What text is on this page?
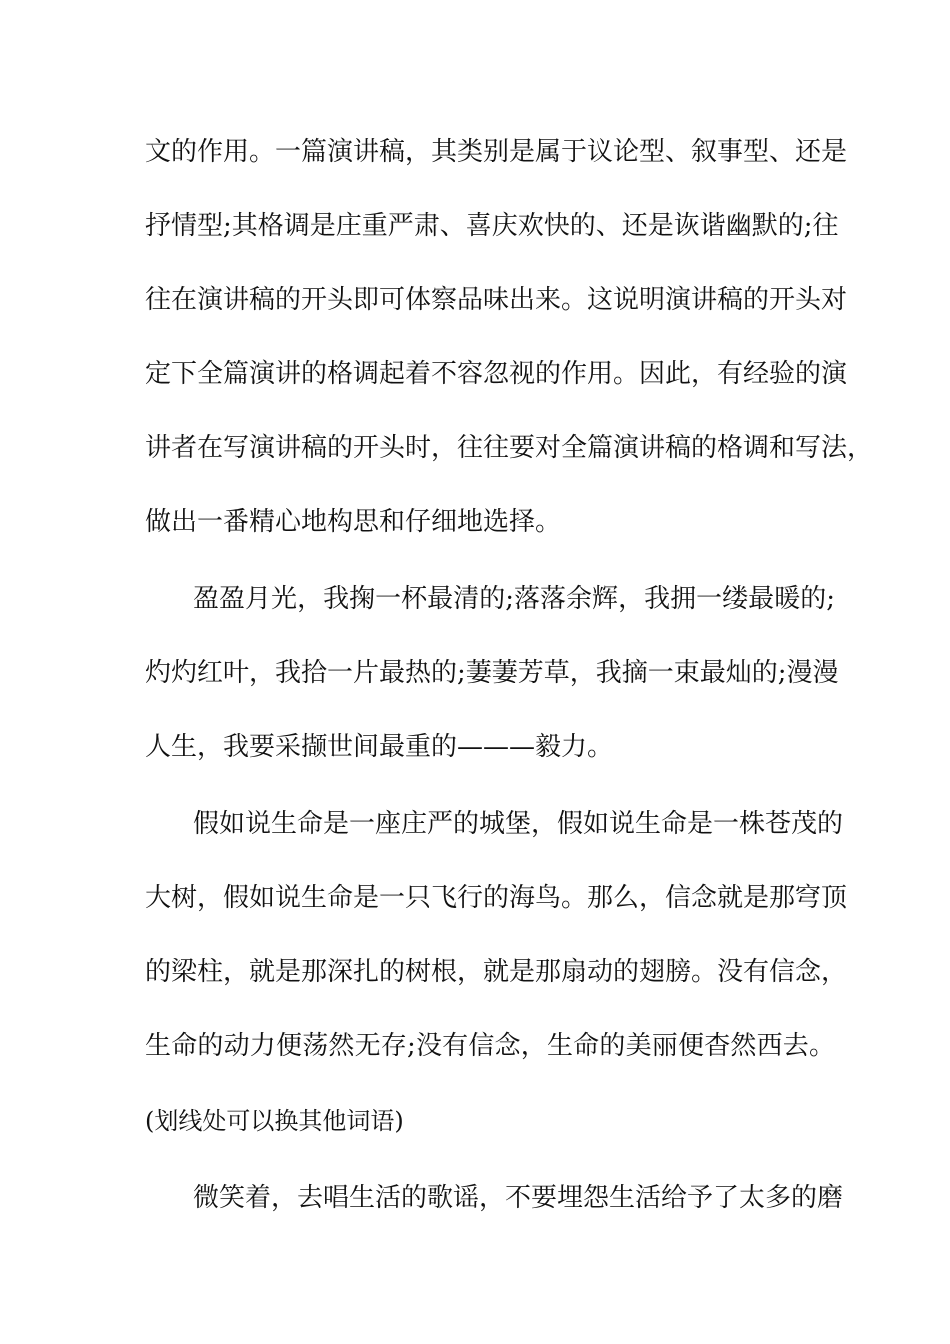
文的作用。一篇演讲稿，其类别是属于议论型、叙事型、还是

抒情型;其格调是庄重严肃、喜庆欢快的、还是诙谐幽默的;往

往在演讲稿的开头即可体察品味出来。这说明演讲稿的开头对

定下全篇演讲的格调起着不容忽视的作用。因此，有经验的演

讲者在写演讲稿的开头时，往往要对全篇演讲稿的格调和写法，

做出一番精心地构思和仔细地选择。

盈盈月光，我掬一杯最清的;落落余辉，我拥一缕最暖的;

灼灼红叶，我拾一片最热的;萋萋芳草，我摘一束最灿的;漫漫

人生，我要采撷世间最重的———毅力。

假如说生命是一座庄严的城堡，假如说生命是一株苍茂的

大树，假如说生命是一只飞行的海鸟。那么，信念就是那穹顶

的梁柱，就是那深扎的树根，就是那扇动的翅膀。没有信念，

生命的动力便荡然无存;没有信念，生命的美丽便杳然西去。

(划线处可以换其他词语)

微笑着，去唱生活的歌谣，不要埋怨生活给予了太多的磨
